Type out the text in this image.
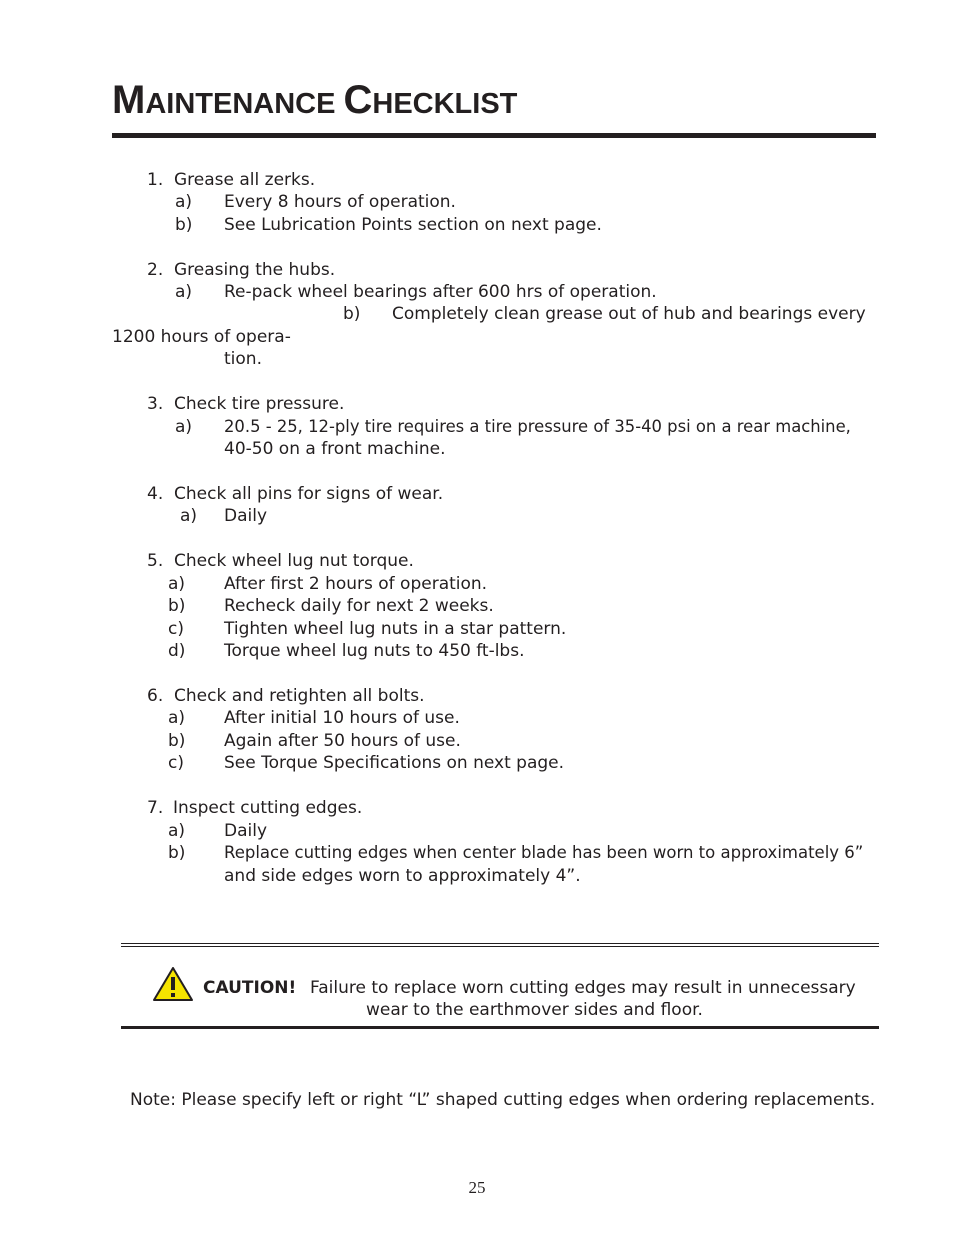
MAINTENANCE CHECKLIST
1. Grease all zerks.
a) Every 8 hours of operation.
b) See Lubrication Points section on next page.
2. Greasing the hubs.
a) Re-pack wheel bearings after 600 hrs of operation.
b) Completely clean grease out of hub and bearings every
1200 hours of opera-
tion.
3. Check tire pressure.
a) 20.5 - 25, 12-ply tire requires a tire pressure of 35-40 psi on a rear machine,
40-50 on a front machine.
4. Check all pins for signs of wear.
a) Daily
5. Check wheel lug nut torque.
a) After first 2 hours of operation.
b) Recheck daily for next 2 weeks.
c) Tighten wheel lug nuts in a star pattern.
d) Torque wheel lug nuts to 450 ft-lbs.
6. Check and retighten all bolts.
a) After initial 10 hours of use.
b) Again after 50 hours of use.
c) See Torque Specifications on next page.
7. Inspect cutting edges.
a) Daily
b) Replace cutting edges when center blade has been worn to approximately 6”
and side edges worn to approximately 4”.
CAUTION! Failure to replace worn cutting edges may result in unnecessary
wear to the earthmover sides and floor.
Note: Please specify left or right “L” shaped cutting edges when ordering replacements.
25
